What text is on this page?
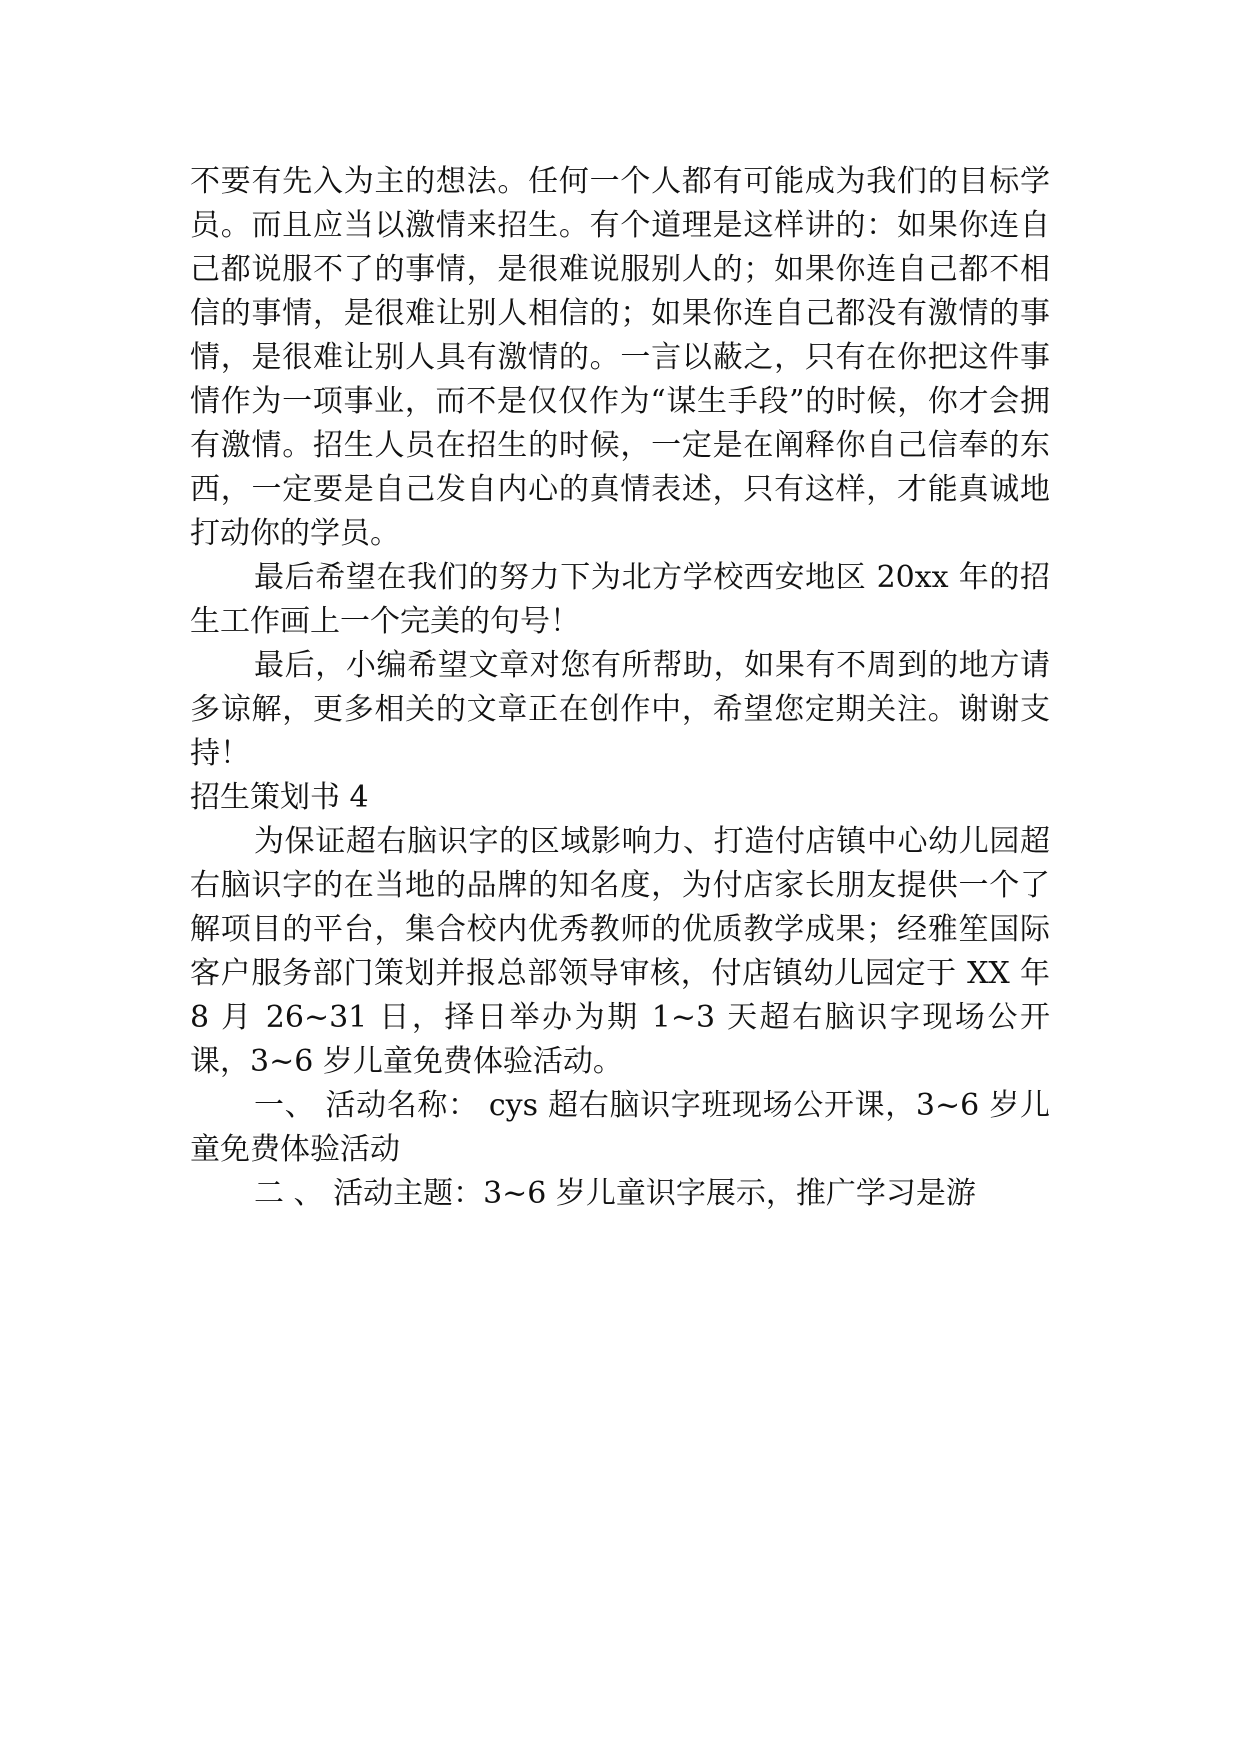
不要有先入为主的想法。任何一个人都有可能成为我们的目标学员。而且应当以激情来招生。有个道理是这样讲的：如果你连自己都说服不了的事情，是很难说服别人的；如果你连自己都不相信的事情，是很难让别人相信的；如果你连自己都没有激情的事情，是很难让别人具有激情的。一言以蔽之，只有在你把这件事情作为一项事业，而不是仅仅作为“谋生手段”的时候，你才会拥有激情。招生人员在招生的时候，一定是在阐释你自己信奉的东西，一定要是自己发自内心的真情表述，只有这样，才能真诚地打动你的学员。

最后希望在我们的努力下为北方学校西安地区 20xx 年的招生工作画上一个完美的句号！

最后，小编希望文章对您有所帮助，如果有不周到的地方请多谅解，更多相关的文章正在创作中，希望您定期关注。谢谢支持！

招生策划书 4

为保证超右脑识字的区域影响力、打造付店镇中心幼儿园超右脑识字的在当地的品牌的知名度，为付店家长朋友提供一个了解项目的平台，集合校内优秀教师的优质教学成果；经雅笙国际客户服务部门策划并报总部领导审核，付店镇幼儿园定于 XX 年 8 月 26~31 日，择日举办为期 1~3 天超右脑识字现场公开课，3~6 岁儿童免费体验活动。

一、 活动名称： cys 超右脑识字班现场公开课，3~6 岁儿童免费体验活动

二 、 活动主题：3~6 岁儿童识字展示，推广学习是游
